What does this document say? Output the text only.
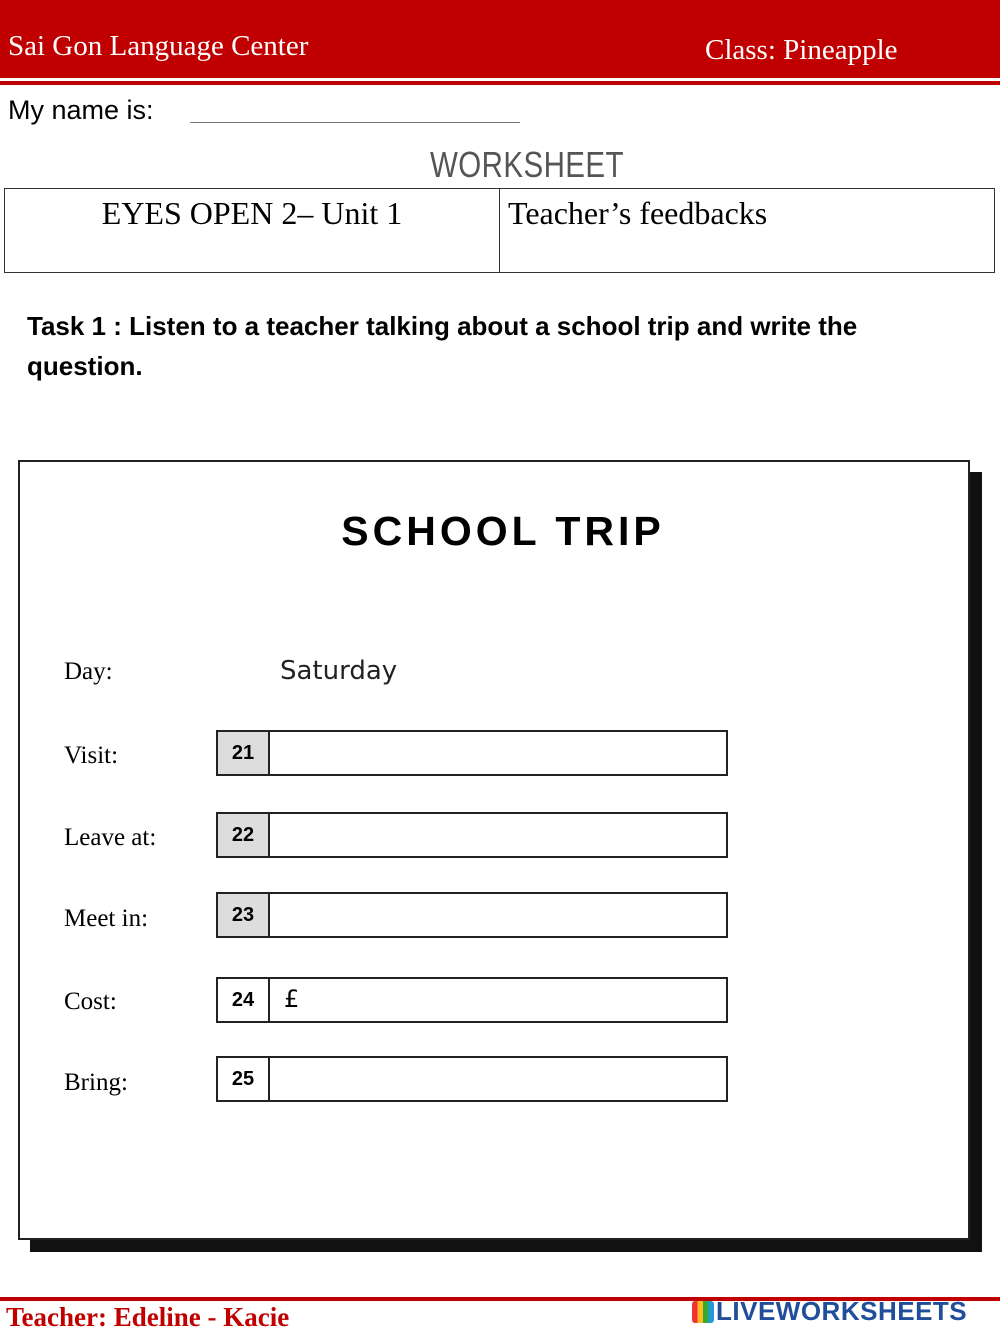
Sai Gon Language Center	Class: Pineapple
My name is:
WORKSHEET
EYES OPEN 2– Unit 1	Teacher’s feedbacks
Task 1 : Listen to a teacher talking about a school trip and write the question.
SCHOOL TRIP
Day:	Saturday
Visit:	21
Leave at:	22
Meet in:	23
Cost:	24	£
Bring:	25
Teacher: Edeline - Kacie	LIVEWORKSHEETS
